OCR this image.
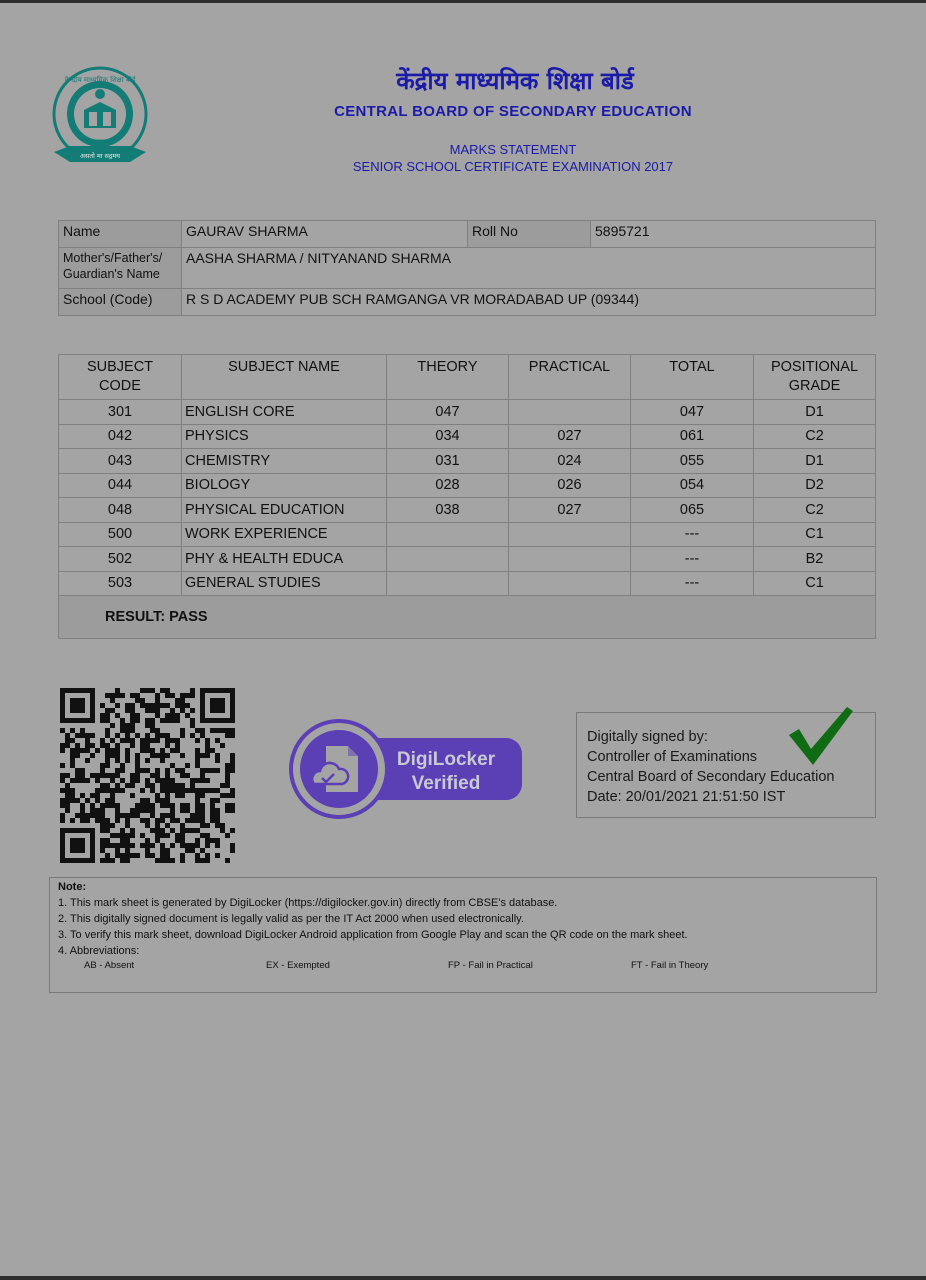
केन्द्रीय माध्यमिक शिक्षा बोर्ड
भारत
असतो मा सद्गमय
केंद्रीय माध्यमिक शिक्षा बोर्ड
CENTRAL BOARD OF SECONDARY EDUCATION
MARKS STATEMENT
SENIOR SCHOOL CERTIFICATE EXAMINATION 2017
Name	GAURAV SHARMA	Roll No	5895721

Mother's/Father's/
Guardian's Name	AASHA SHARMA / NITYANAND SHARMA		
School (Code)	R S D ACADEMY PUB SCH RAMGANGA VR MORADABAD UP (09344)		
SUBJECT
CODE	SUBJECT NAME	THEORY	PRACTICAL	TOTAL	POSITIONAL
GRADE
301	ENGLISH CORE	047		047	D1
042	PHYSICS	034	027	061	C2
043	CHEMISTRY	031	024	055	D1
044	BIOLOGY	028	026	054	D2
048	PHYSICAL EDUCATION	038	027	065	C2
500	WORK EXPERIENCE			---	C1
502	PHY & HEALTH EDUCA			---	B2
503	GENERAL STUDIES			---	C1
RESULT: PASS					
DigiLocker
Verified
Digitally signed by:
Controller of Examinations
Central Board of Secondary Education
Date: 20/01/2021 21:51:50 IST
Note:
1. This mark sheet is generated by DigiLocker (https://digilocker.gov.in) directly from CBSE's database.
2. This digitally signed document is legally valid as per the IT Act 2000 when used electronically.
3. To verify this mark sheet, download DigiLocker Android application from Google Play and scan the QR code on the mark sheet.
4. Abbreviations:
AB - Absent	EX - Exempted	FP - Fail in Practical	FT - Fail in Theory
